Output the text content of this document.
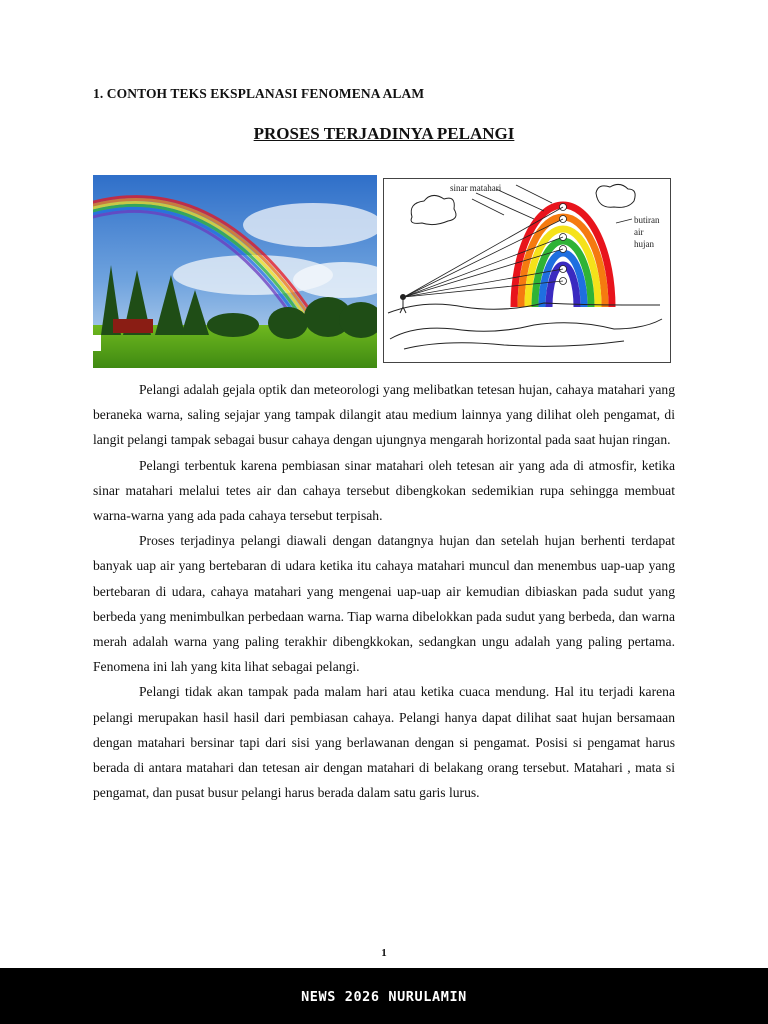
1. CONTOH TEKS EKSPLANASI FENOMENA ALAM
PROSES TERJADINYA PELANGI
sinar matahari
butiran
air
hujan

Pelangi adalah gejala optik dan meteorologi yang melibatkan tetesan hujan, cahaya matahari yang beraneka warna, saling sejajar yang tampak dilangit atau medium lainnya yang dilihat oleh pengamat, di langit pelangi tampak sebagai busur cahaya dengan ujungnya mengarah horizontal pada saat hujan ringan.

Pelangi terbentuk karena pembiasan sinar matahari oleh tetesan air yang ada di atmosfir, ketika sinar matahari melalui tetes air dan cahaya tersebut dibengkokan sedemikian rupa sehingga membuat warna-warna yang ada pada cahaya tersebut terpisah.

Proses terjadinya pelangi diawali dengan datangnya hujan dan setelah hujan berhenti terdapat banyak uap air yang bertebaran di udara ketika itu cahaya matahari muncul dan menembus uap-uap yang bertebaran di udara, cahaya matahari yang mengenai uap-uap air kemudian dibiaskan pada sudut yang berbeda yang menimbulkan perbedaan warna. Tiap warna dibelokkan pada sudut yang berbeda, dan warna merah adalah warna yang paling terakhir dibengkkokan, sedangkan ungu adalah yang paling pertama. Fenomena ini lah yang kita lihat sebagai pelangi.

Pelangi tidak akan tampak pada malam hari atau ketika cuaca mendung. Hal itu terjadi karena pelangi merupakan hasil hasil dari pembiasan cahaya. Pelangi hanya dapat dilihat saat hujan bersamaan dengan matahari bersinar tapi dari sisi yang berlawanan dengan si pengamat. Posisi si pengamat harus berada di antara matahari dan tetesan air dengan matahari di belakang orang tersebut. Matahari , mata si pengamat, dan pusat busur pelangi harus berada dalam satu garis lurus.

1
NEWS 2026 NURULAMIN
